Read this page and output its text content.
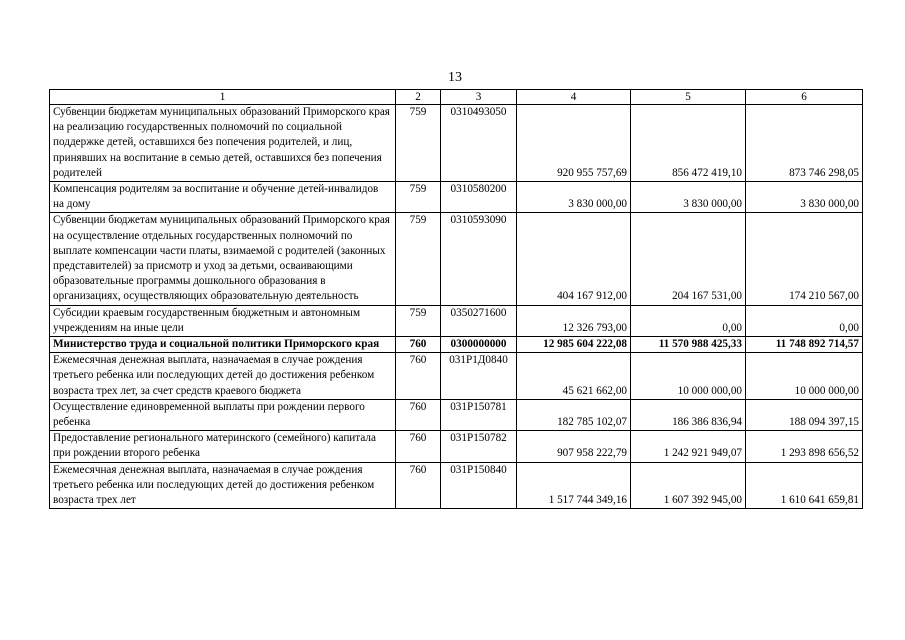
13
1	2	3	4	5	6
Субвенции бюджетам муниципальных образований Приморского края на реализацию государственных полномочий по социальной поддержке детей, оставшихся без попечения родителей, и лиц, принявших на воспитание в семью детей, оставшихся без попечения родителей	759	0310493050	920 955 757,69	856 472 419,10	873 746 298,05
Компенсация родителям за воспитание и обучение детей-инвалидов на дому	759	0310580200	3 830 000,00	3 830 000,00	3 830 000,00
Субвенции бюджетам муниципальных образований Приморского края на осуществление отдельных государственных полномочий по выплате компенсации части платы, взимаемой с родителей (законных представителей) за присмотр и уход за детьми, осваивающими образовательные программы дошкольного образования в организациях, осуществляющих образовательную деятельность	759	0310593090	404 167 912,00	204 167 531,00	174 210 567,00
Субсидии краевым государственным бюджетным и автономным учреждениям на иные цели	759	0350271600	12 326 793,00	0,00	0,00
Министерство труда и социальной политики Приморского края	760	0300000000	12 985 604 222,08	11 570 988 425,33	11 748 892 714,57
Ежемесячная денежная выплата, назначаемая в случае рождения третьего ребенка или последующих детей до достижения ребенком возраста трех лет, за счет средств краевого бюджета	760	031Р1Д0840	45 621 662,00	10 000 000,00	10 000 000,00
Осуществление единовременной выплаты при рождении первого ребенка	760	031Р150781	182 785 102,07	186 386 836,94	188 094 397,15
Предоставление регионального материнского (семейного) капитала при рождении второго ребенка	760	031Р150782	907 958 222,79	1 242 921 949,07	1 293 898 656,52
Ежемесячная денежная выплата, назначаемая в случае рождения третьего ребенка или последующих детей до достижения ребенком возраста трех лет	760	031Р150840	1 517 744 349,16	1 607 392 945,00	1 610 641 659,81
